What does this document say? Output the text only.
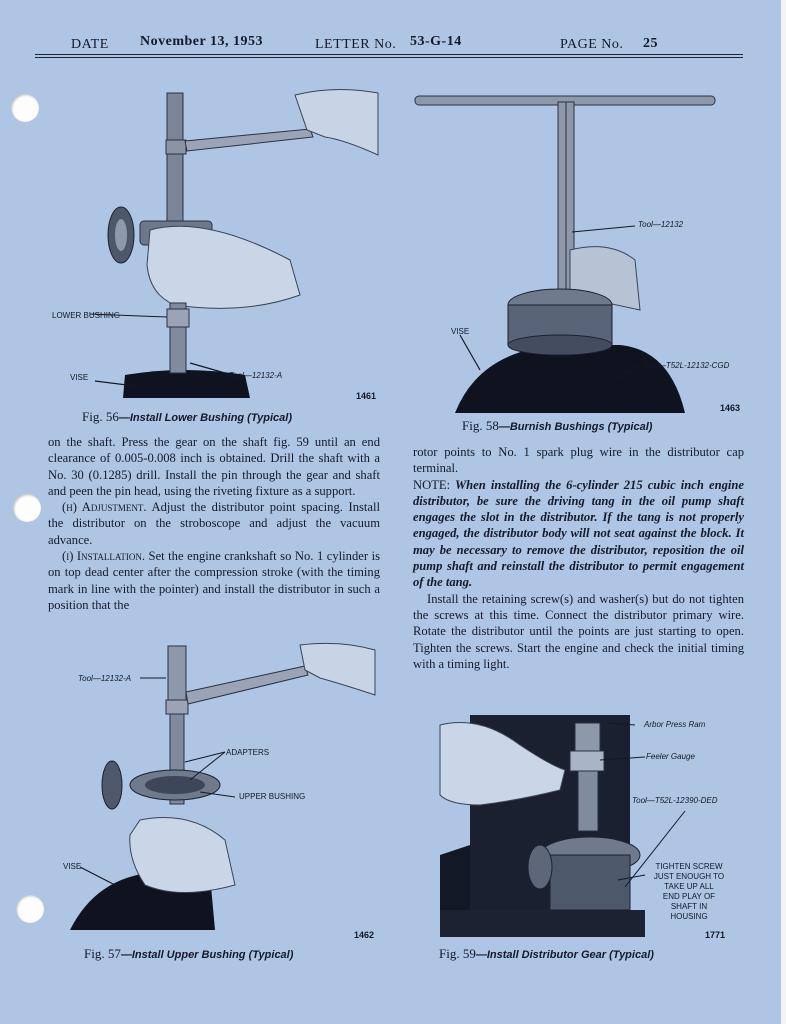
DATE November 13, 1953	LETTER No. 53-G-14	PAGE No. 25
LOWER BUSHING
VISE	Tool—12132-A
1461
Fig. 56—Install Lower Bushing (Typical)
Tool—12132
VISE
Tool—T52L-12132-CGD
1463
Fig. 58—Burnish Bushings (Typical)

on the shaft. Press the gear on the shaft fig. 59 until an end clearance of 0.005-0.008 inch is obtained. Drill the shaft with a No. 30 (0.1285) drill. Install the pin through the gear and shaft and peen the pin head, using the riveting fixture as a support.

(h) Adjustment. Adjust the distributor point spacing. Install the distributor on the stroboscope and adjust the vacuum advance.

(i) Installation. Set the engine crankshaft so No. 1 cylinder is on top dead center after the compression stroke (with the timing mark in line with the pointer) and install the distributor in such a position that the

rotor points to No. 1 spark plug wire in the distributor cap terminal.

NOTE: When installing the 6-cylinder 215 cubic inch engine distributor, be sure the driving tang in the oil pump shaft engages the slot in the distributor. If the tang is not properly engaged, the distributor body will not seat against the block. It may be necessary to remove the distributor, reposition the oil pump shaft and reinstall the distributor to permit engagement of the tang.

Install the retaining screw(s) and washer(s) but do not tighten the screws at this time. Connect the distributor primary wire. Rotate the distributor until the points are just starting to open. Tighten the screws. Start the engine and check the initial timing with a timing light.

Tool—12132-A
ADAPTERS
UPPER BUSHING
VISE
1462
Fig. 57—Install Upper Bushing (Typical)
Arbor Press Ram
Feeler Gauge
Tool—T52L-12390-DED
TIGHTEN SCREW
JUST ENOUGH TO
TAKE UP ALL
END PLAY OF
SHAFT IN
HOUSING
1771
Fig. 59—Install Distributor Gear (Typical)
